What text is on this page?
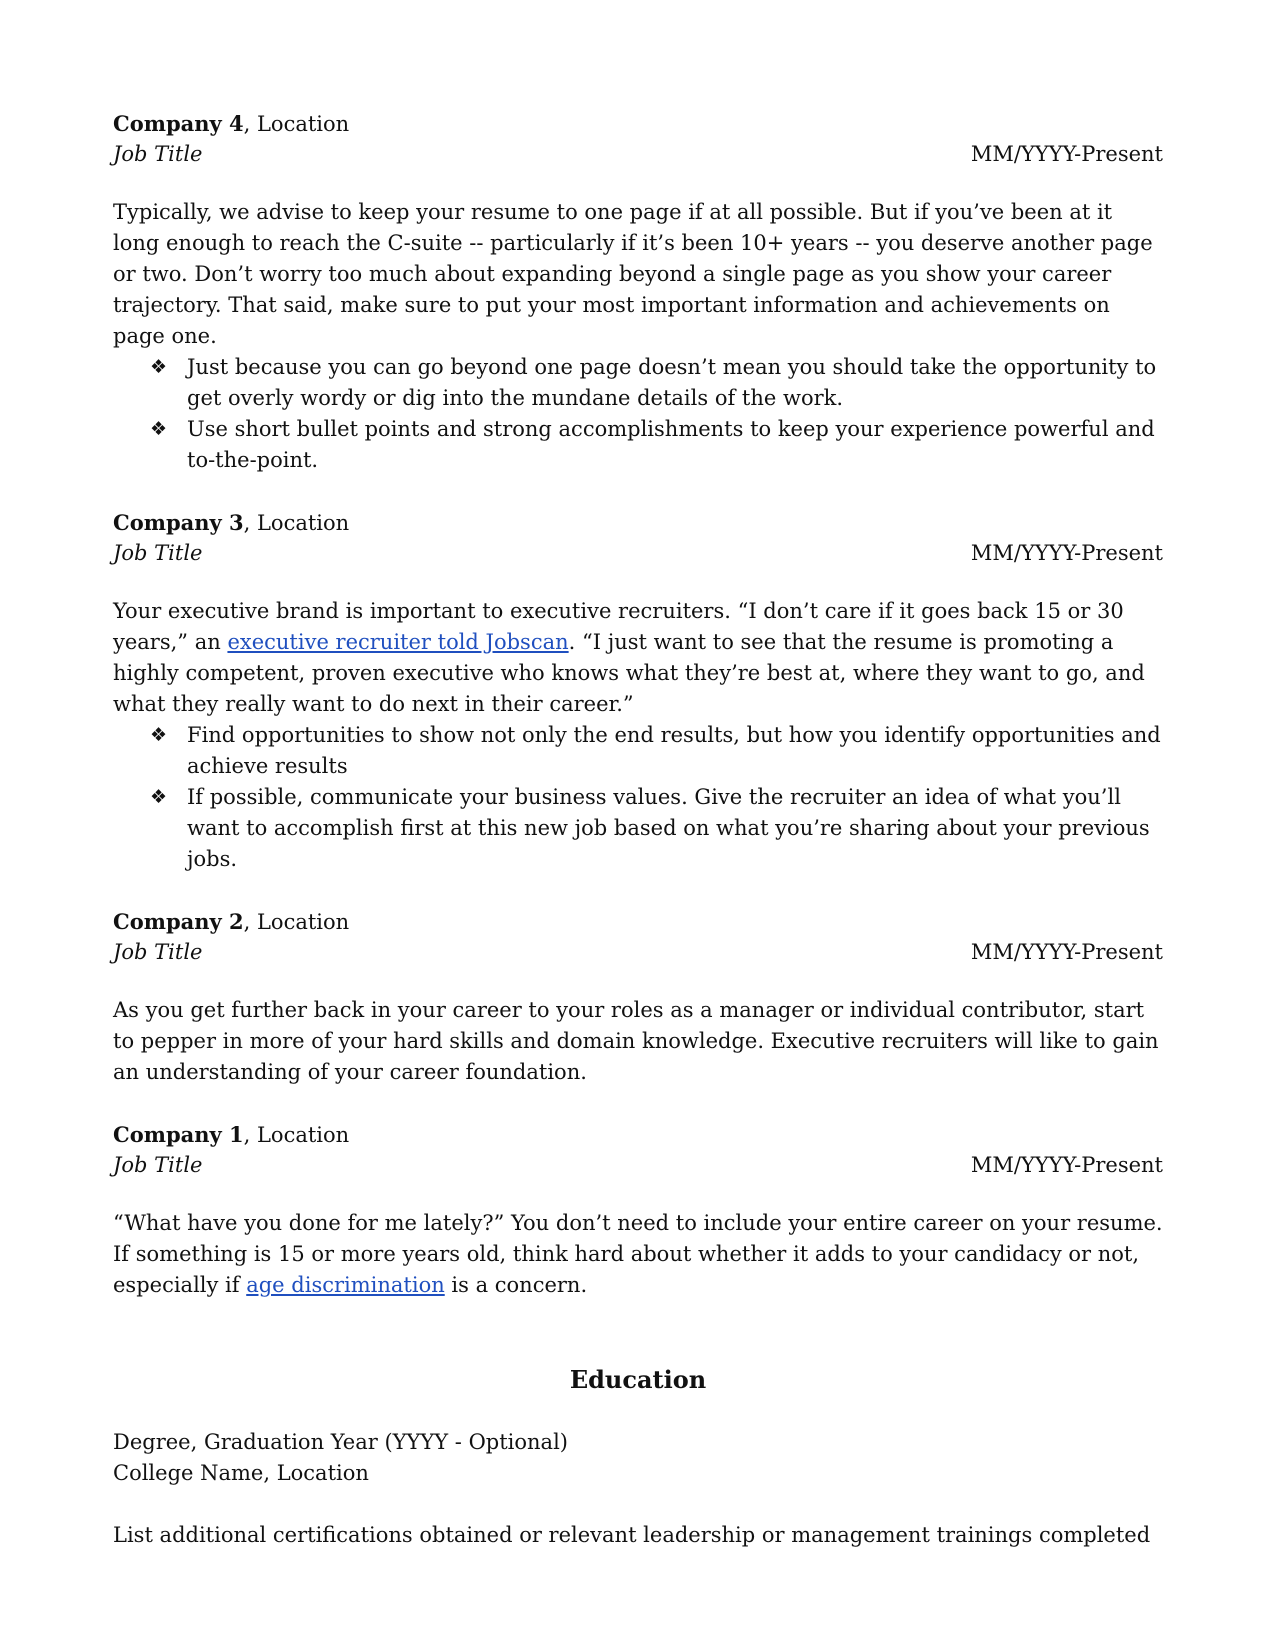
Company 4, Location
Job Title	MM/YYYY-Present

Typically, we advise to keep your resume to one page if at all possible. But if you’ve been at it long enough to reach the C-suite -- particularly if it’s been 10+ years -- you deserve another page or two. Don’t worry too much about expanding beyond a single page as you show your career trajectory. That said, make sure to put your most important information and achievements on page one.

❖ Just because you can go beyond one page doesn’t mean you should take the opportunity to get overly wordy or dig into the mundane details of the work.
❖ Use short bullet points and strong accomplishments to keep your experience powerful and to-the-point.
Company 3, Location
Job Title	MM/YYYY-Present

Your executive brand is important to executive recruiters. “I don’t care if it goes back 15 or 30 years,” an executive recruiter told Jobscan. “I just want to see that the resume is promoting a highly competent, proven executive who knows what they’re best at, where they want to go, and what they really want to do next in their career.”

❖ Find opportunities to show not only the end results, but how you identify opportunities and achieve results
❖ If possible, communicate your business values. Give the recruiter an idea of what you’ll want to accomplish first at this new job based on what you’re sharing about your previous jobs.
Company 2, Location
Job Title	MM/YYYY-Present

As you get further back in your career to your roles as a manager or individual contributor, start to pepper in more of your hard skills and domain knowledge. Executive recruiters will like to gain an understanding of your career foundation.

Company 1, Location
Job Title	MM/YYYY-Present

“What have you done for me lately?” You don’t need to include your entire career on your resume. If something is 15 or more years old, think hard about whether it adds to your candidacy or not, especially if age discrimination is a concern.

Education
Degree, Graduation Year (YYYY - Optional)
College Name, Location
List additional certifications obtained or relevant leadership or management trainings completed
